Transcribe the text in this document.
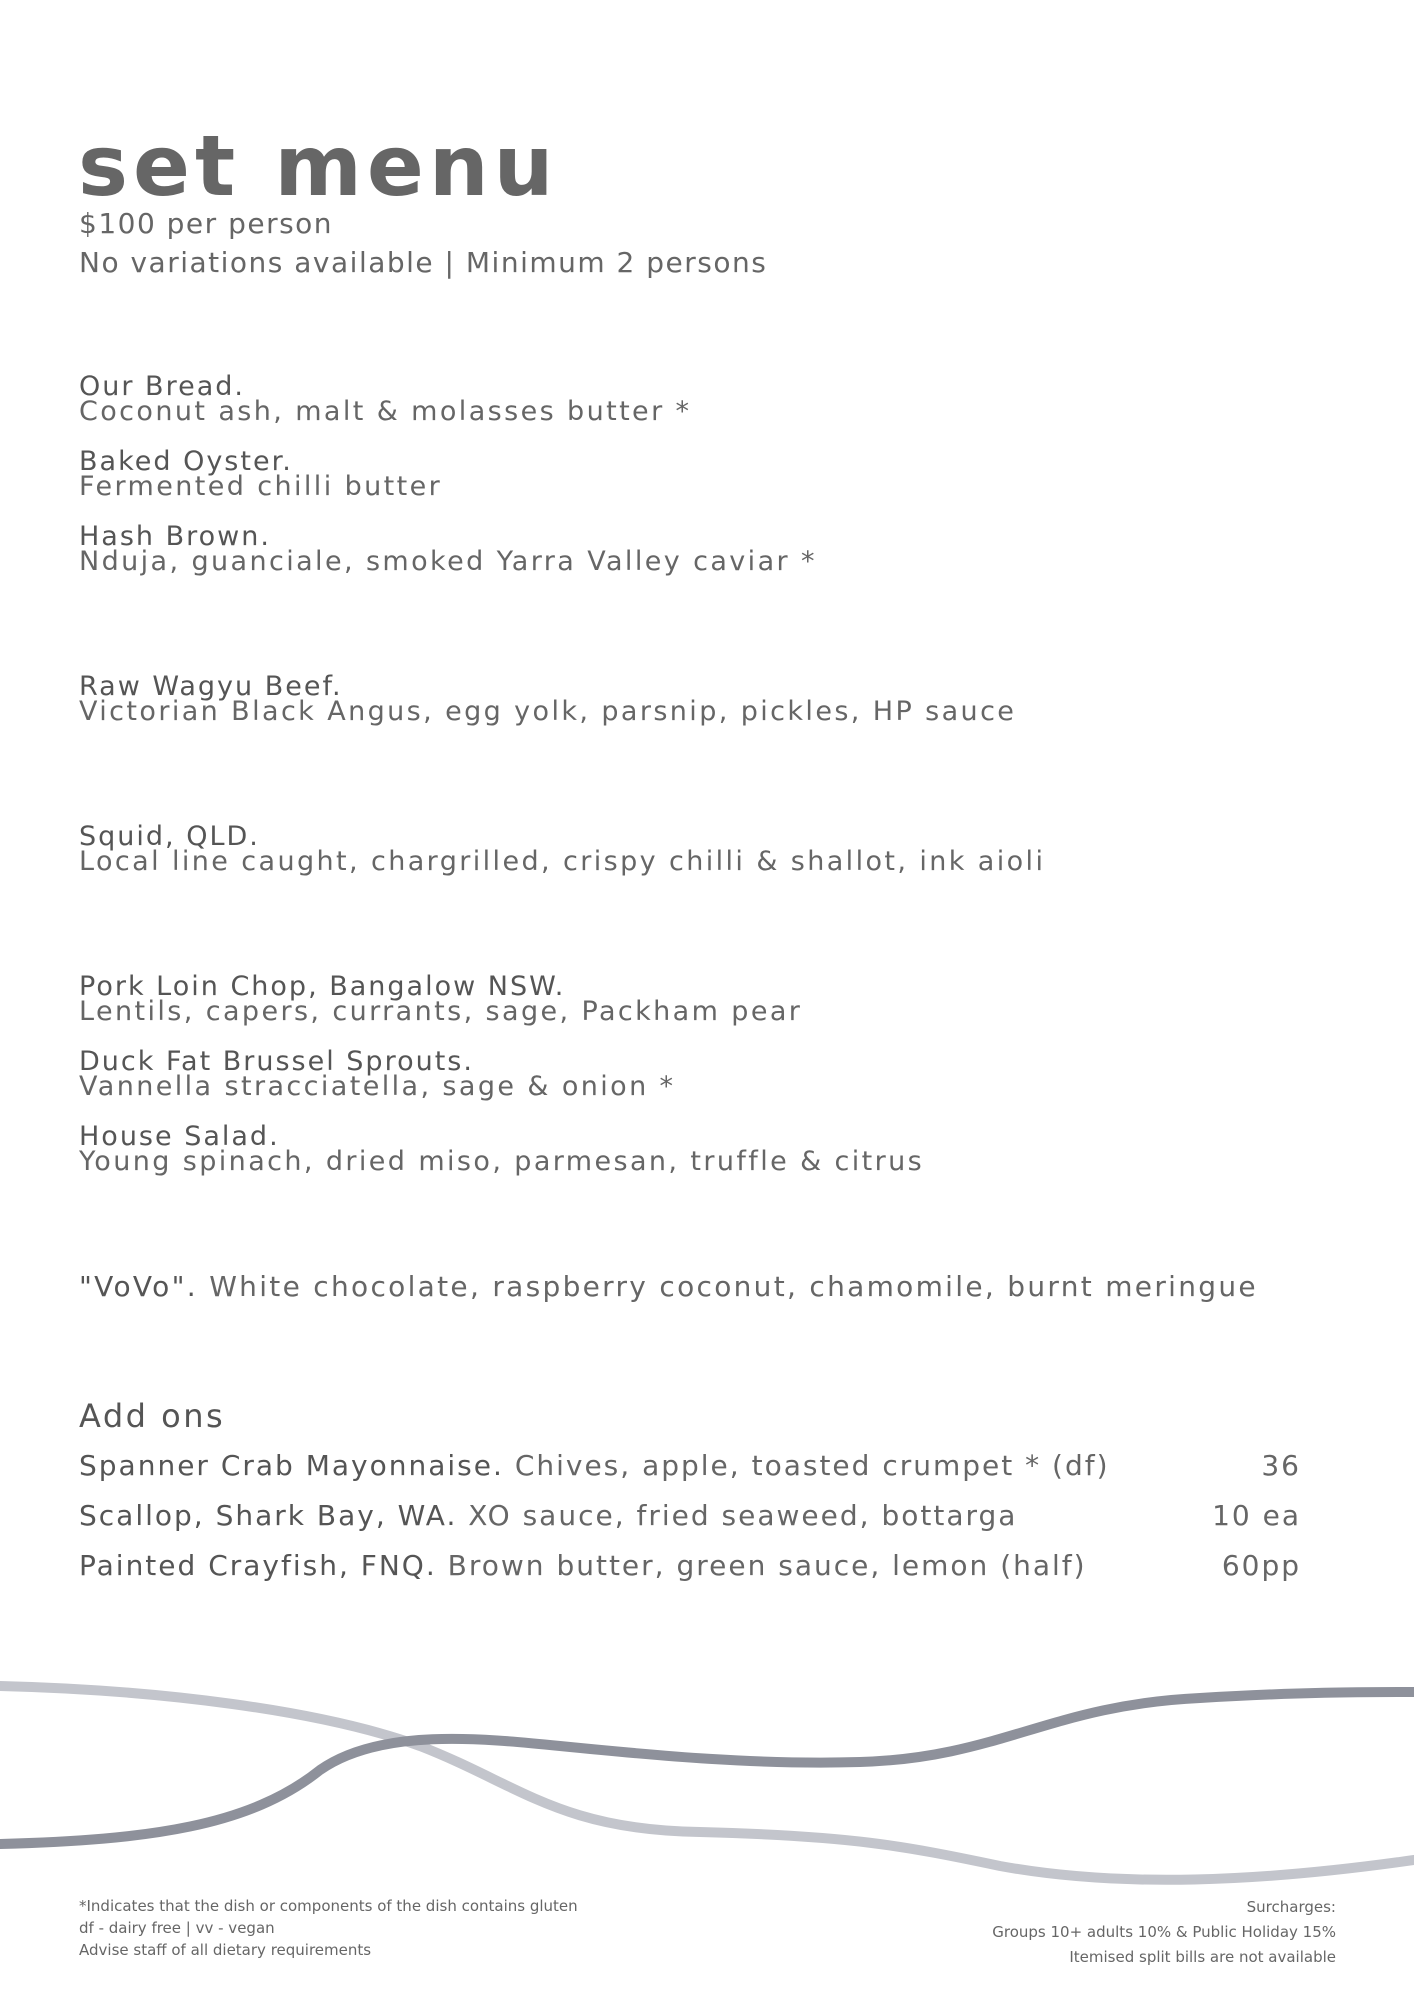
set menu
$100 per person
No variations available | Minimum 2 persons
Our Bread.
Coconut ash, malt & molasses butter *
Baked Oyster.
Fermented chilli butter
Hash Brown.
Nduja, guanciale, smoked Yarra Valley caviar *
Raw Wagyu Beef.
Victorian Black Angus, egg yolk, parsnip, pickles, HP sauce
Squid, QLD.
Local line caught, chargrilled, crispy chilli & shallot, ink aioli
Pork Loin Chop, Bangalow NSW.
Lentils, capers, currants, sage, Packham pear
Duck Fat Brussel Sprouts.
Vannella stracciatella, sage & onion *
House Salad.
Young spinach, dried miso, parmesan, truffle & citrus
"VoVo". White chocolate, raspberry coconut, chamomile, burnt meringue
Add ons
Spanner Crab Mayonnaise. Chives, apple, toasted crumpet * (df)	36
Scallop, Shark Bay, WA. XO sauce, fried seaweed, bottarga	10 ea
Painted Crayfish, FNQ. Brown butter, green sauce, lemon (half)	60pp
*Indicates that the dish or components of the dish contains gluten
df - dairy free | vv - vegan
Advise staff of all dietary requirements
Surcharges:
Groups 10+ adults 10% & Public Holiday 15%
Itemised split bills are not available
